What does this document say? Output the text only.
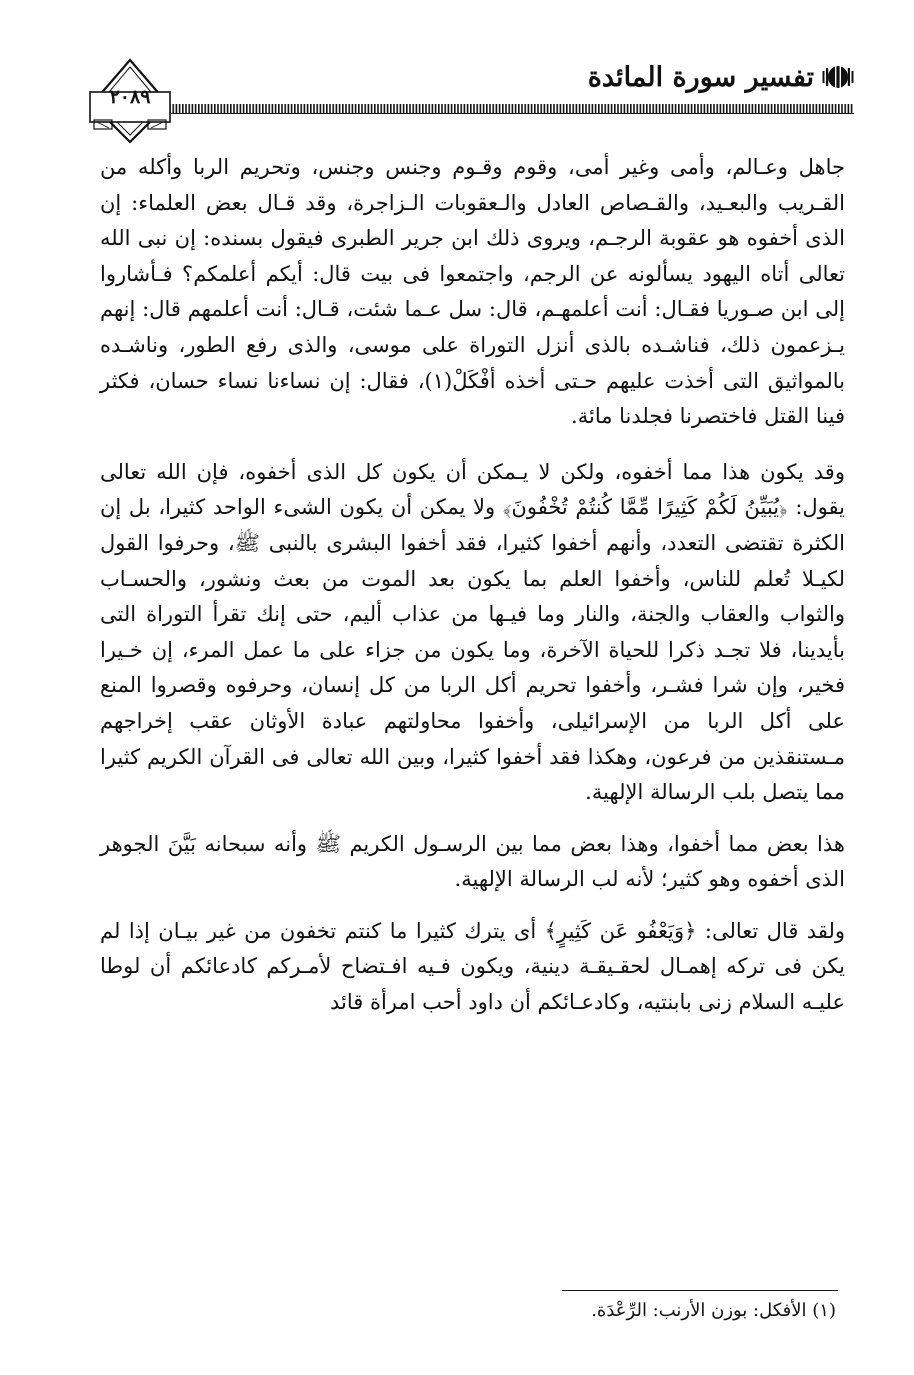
تفسير سورة المائدة
٢٠٨٩

جاهل وعـالم، وأمى وغير أمى، وقوم وقـوم وجنس وجنس، وتحريم الربا وأكله من القـريب والبعـيد، والقـصاص العادل والـعقوبات الـزاجرة، وقد قـال بعض العلماء: إن الذى أخفوه هو عقوبة الرجـم، ويروى ذلك ابن جرير الطبرى فيقول بسنده: إن نبى الله تعالى أتاه اليهود يسألونه عن الرجم، واجتمعوا فى بيت قال: أيكم أعلمكم؟ فـأشاروا إلى ابن صـوريا فقـال: أنت أعلمهـم، قال: سل عـما شئت، قـال: أنت أعلمهم قال: إنهم يـزعمون ذلك، فناشـده بالذى أنزل التوراة على موسى، والذى رفع الطور، وناشـده بالمواثيق التى أخذت عليهم حـتى أخذه أفْكَلْ(١)، فقال: إن نساءنا نساء حسان، فكثر فينا القتل فاختصرنا فجلدنا مائة.

وقد يكون هذا مما أخفوه، ولكن لا يـمكن أن يكون كل الذى أخفوه، فإن الله تعالى يقول: ﴿يُبَيِّنُ لَكُمْ كَثِيرًا مِّمَّا كُنتُمْ تُخْفُونَ﴾ ولا يمكن أن يكون الشىء الواحد كثيرا، بل إن الكثرة تقتضى التعدد، وأنهم أخفوا كثيرا، فقد أخفوا البشرى بالنبى ﷺ، وحرفوا القول لكيـلا تُعلم للناس، وأخفوا العلم بما يكون بعد الموت من بعث ونشور، والحسـاب والثواب والعقاب والجنة، والنار وما فيـها من عذاب أليم، حتى إنك تقرأ التوراة التى بأيدينا، فلا تجـد ذكرا للحياة الآخرة، وما يكون من جزاء على ما عمل المرء، إن خـيرا فخير، وإن شرا فشـر، وأخفوا تحريم أكل الربا من كل إنسان، وحرفوه وقصروا المنع على أكل الربا من الإسرائيلى، وأخفوا محاولتهم عبادة الأوثان عقب إخراجهم مـستنقذين من فرعون، وهكذا فقد أخفوا كثيرا، وبين الله تعالى فى القرآن الكريم كثيرا مما يتصل بلب الرسالة الإلهية.

هذا بعض مما أخفوا، وهذا بعض مما بين الرسـول الكريم ﷺ وأنه سبحانه بَيَّنَ الجوهر الذى أخفوه وهو كثير؛ لأنه لب الرسالة الإلهية.

ولقد قال تعالى: ﴿وَيَعْفُو عَن كَثِيرٍ﴾ أى يترك كثيرا ما كنتم تخفون من غير بيـان إذا لم يكن فى تركه إهمـال لحقـيقـة دينية، ويكون فـيه افـتضاح لأمـركم كادعائكم أن لوطا عليـه السلام زنى بابنتيه، وكادعـائكم أن داود أحب امرأة قائد

(١) الأفكل: بوزن الأرنب: الرِّعْدَة.
